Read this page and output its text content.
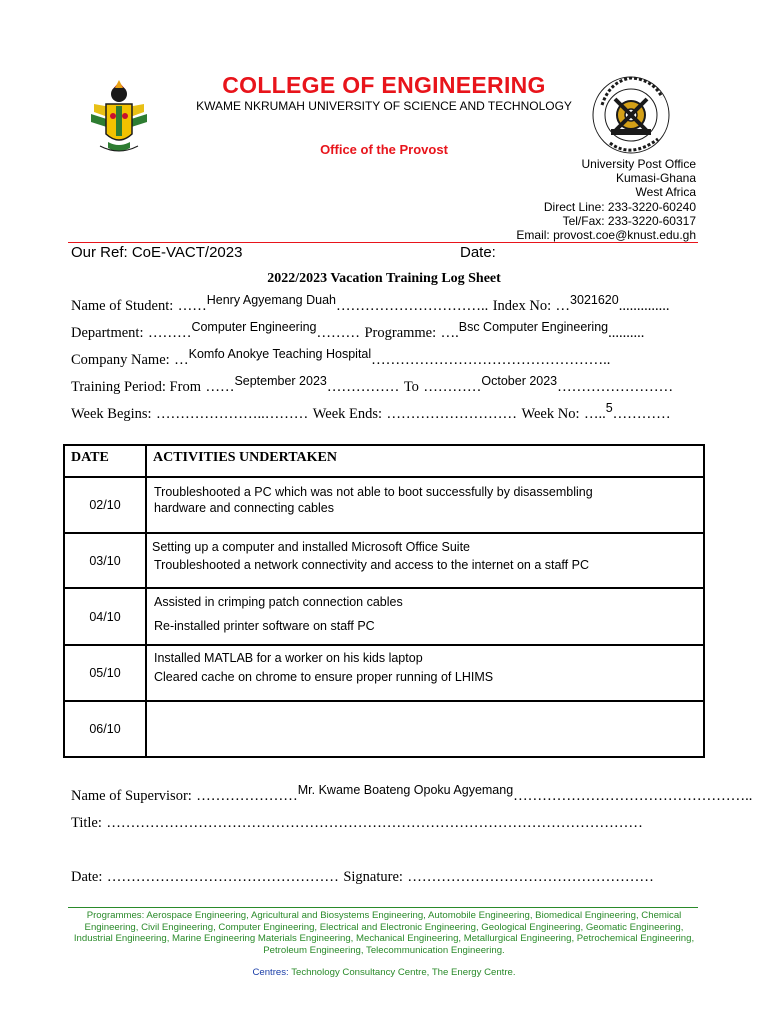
COLLEGE OF ENGINEERING
KWAME NKRUMAH UNIVERSITY OF SCIENCE AND TECHNOLOGY
Office of the Provost
University Post Office
Kumasi-Ghana
West Africa
Direct Line: 233-3220-60240
Tel/Fax: 233-3220-60317
Email: provost.coe@knust.edu.gh
Our Ref: CoE-VACT/2023	Date:
2022/2023 Vacation Training Log Sheet
Name of Student: ……$^{Henry Agyemang Duah}$………………………….. Index No: …$^{3021620}$..............
Department: ………$^{Computer Engineering}$……… Programme: ….$^{Bsc Computer Engineering}$..........
Company Name: …$^{Komfo Anokye Teaching Hospital}$…………………………………………..
Training Period: From ……$^{September 2023}$…………… To …………$^{October 2023}$……………………
Week Begins: …………………..……… Week Ends: ……………………… Week No: …..$^5$…………
DATE	ACTIVITIES UNDERTAKEN
02/10	Troubleshooted a PC which was not able to boot successfully by disassembling
hardware and connecting cables

03/10	Setting up a computer and installed Microsoft Office Suite
Troubleshooted a network connectivity and access to the internet on a staff PC

04/10	Assisted in crimping patch connection cables
Re-installed printer software on staff PC

05/10	Installed MATLAB for a worker on his kids laptop
Cleared cache on chrome to ensure proper running of LHIMS

06/10	
Name of Supervisor: …………………$^{Mr. Kwame Boateng Opoku Agyemang}$…………………………………………..
Title: …………………………………………………………………………………………………
Date: ………………………………………… Signature: ……………………………………………
Programmes: Aerospace Engineering, Agricultural and Biosystems Engineering, Automobile Engineering, Biomedical Engineering, Chemical Engineering, Civil Engineering, Computer Engineering, Electrical and Electronic Engineering, Geological Engineering, Geomatic Engineering, Industrial Engineering, Marine Engineering Materials Engineering, Mechanical Engineering, Metallurgical Engineering, Petrochemical Engineering, Petroleum Engineering, Telecommunication Engineering.
Centres: Technology Consultancy Centre, The Energy Centre.
